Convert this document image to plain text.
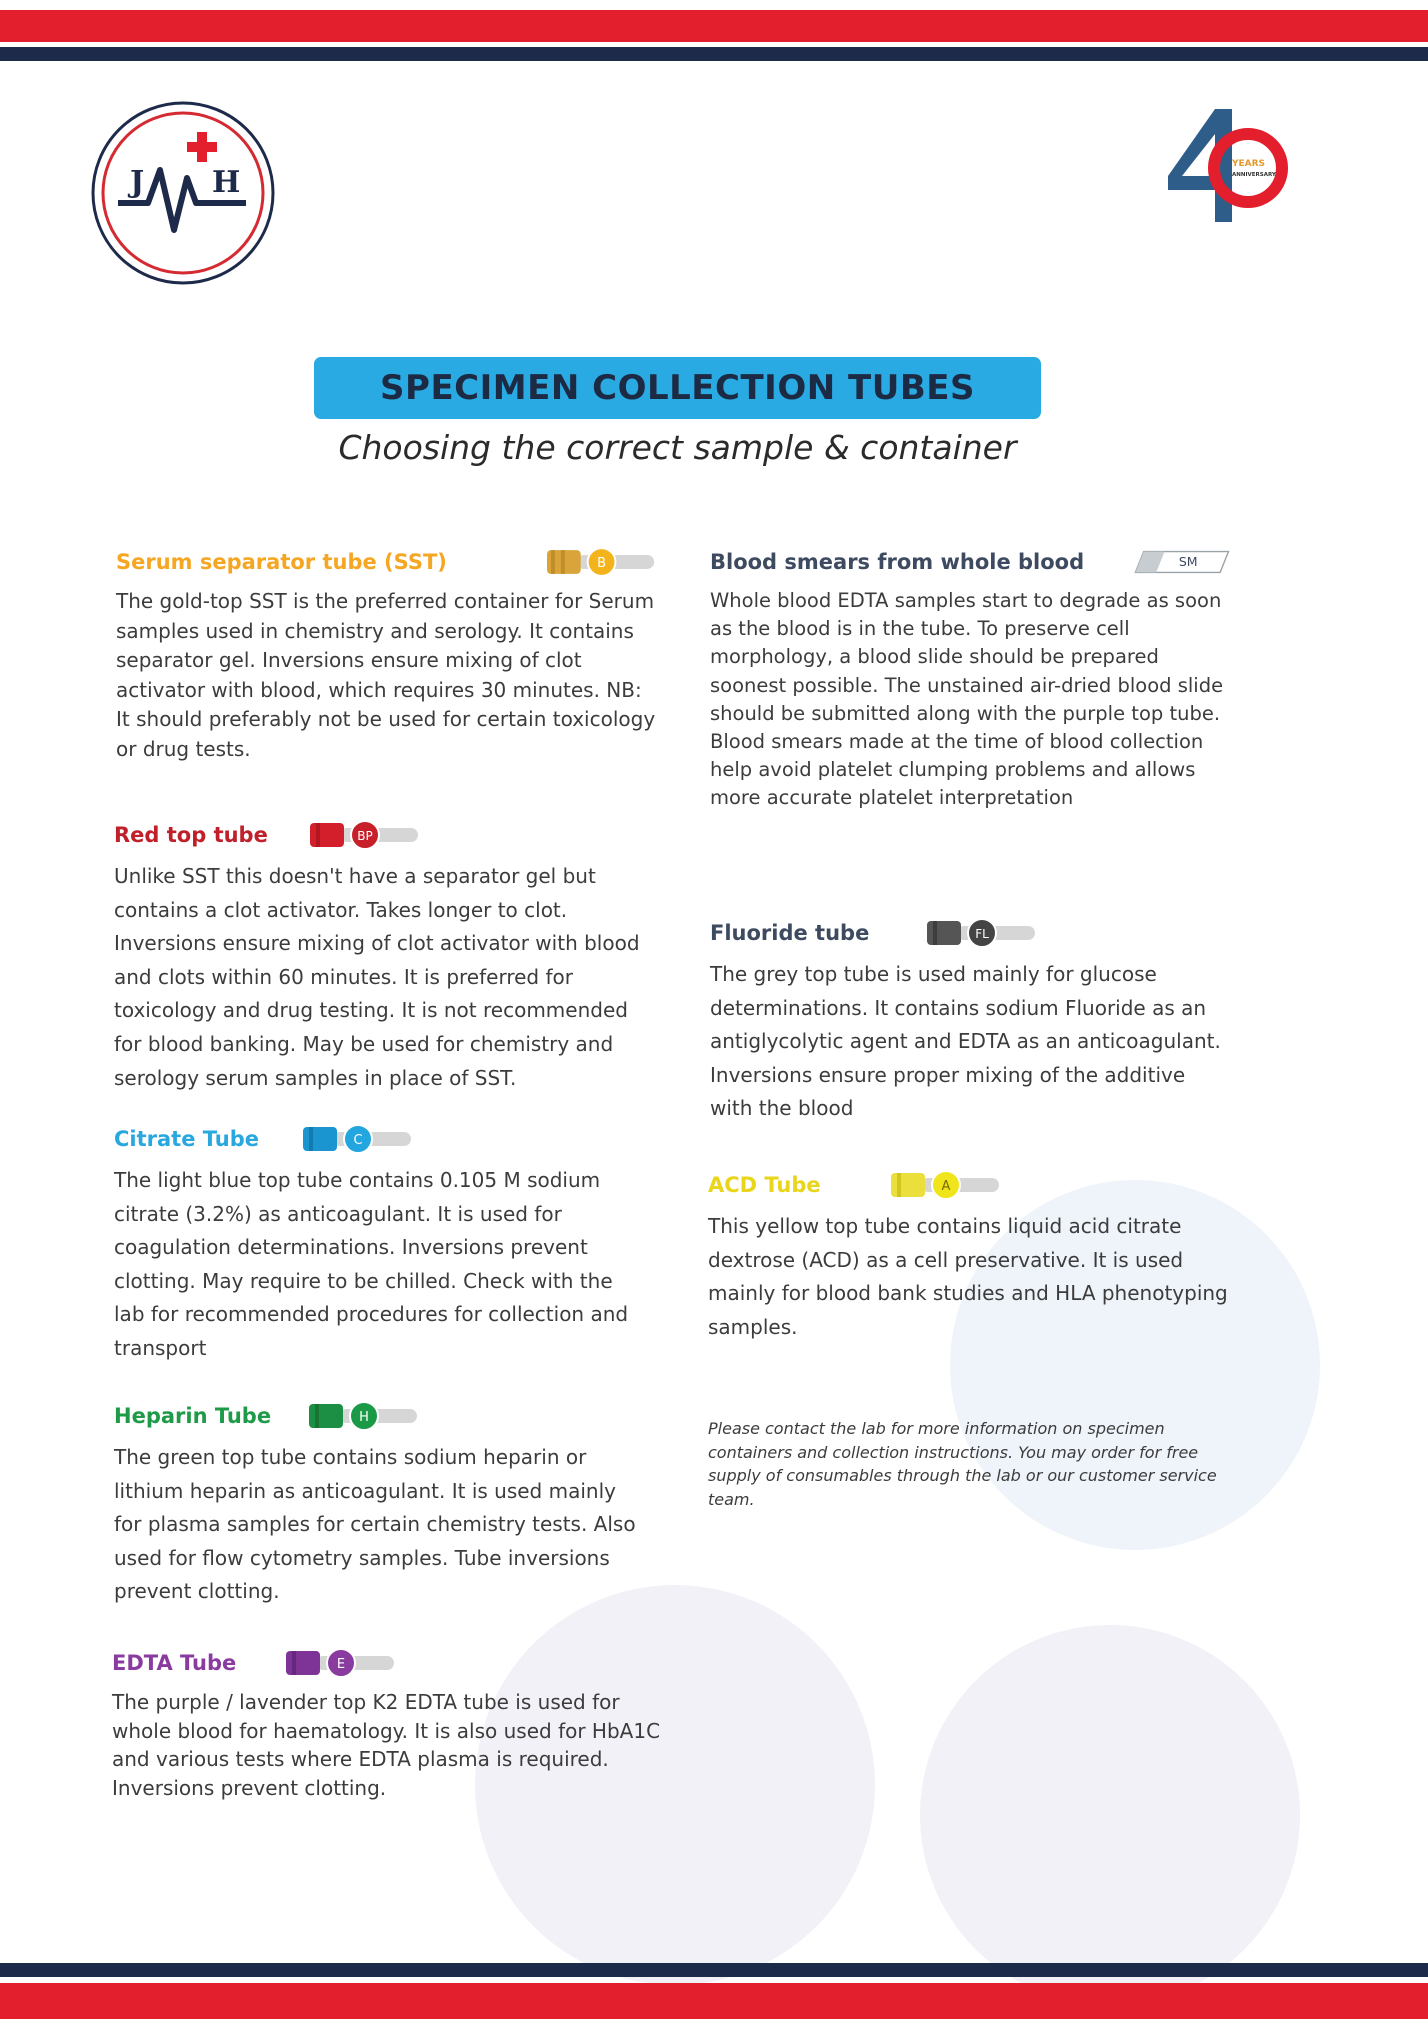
J H
YEARS
ANNIVERSARY
SPECIMEN COLLECTION TUBES
Choosing the correct sample & container
Serum separator tube (SST)	B
The gold-top SST is the preferred container for Serum samples used in chemistry and serology. It contains separator gel. Inversions ensure mixing of clot activator with blood, which requires 30 minutes. NB: It should preferably not be used for certain toxicology or drug tests.
Red top tube	BP
Unlike SST this doesn't have a separator gel but contains a clot activator. Takes longer to clot. Inversions ensure mixing of clot activator with blood and clots within 60 minutes. It is preferred for toxicology and drug testing. It is not recommended for blood banking. May be used for chemistry and serology serum samples in place of SST.
Citrate Tube	C
The light blue top tube contains 0.105 M sodium citrate (3.2%) as anticoagulant. It is used for coagulation determinations. Inversions prevent clotting. May require to be chilled. Check with the lab for recommended procedures for collection and transport
Heparin Tube	H
The green top tube contains sodium heparin or lithium heparin as anticoagulant. It is used mainly for plasma samples for certain chemistry tests. Also used for flow cytometry samples. Tube inversions prevent clotting.
EDTA Tube	E
The purple / lavender top K2 EDTA tube is used for whole blood for haematology. It is also used for HbA1C and various tests where EDTA plasma is required. Inversions prevent clotting.
Blood smears from whole blood	SM
Whole blood EDTA samples start to degrade as soon as the blood is in the tube. To preserve cell morphology, a blood slide should be prepared soonest possible. The unstained air-dried blood slide should be submitted along with the purple top tube. Blood smears made at the time of blood collection help avoid platelet clumping problems and allows more accurate platelet interpretation
Fluoride tube	FL
The grey top tube is used mainly for glucose determinations. It contains sodium Fluoride as an antiglycolytic agent and EDTA as an anticoagulant. Inversions ensure proper mixing of the additive with the blood
ACD Tube	A
This yellow top tube contains liquid acid citrate dextrose (ACD) as a cell preservative. It is used mainly for blood bank studies and HLA phenotyping samples.
Please contact the lab for more information on specimen containers and collection instructions. You may order for free supply of consumables through the lab or our customer service team.
